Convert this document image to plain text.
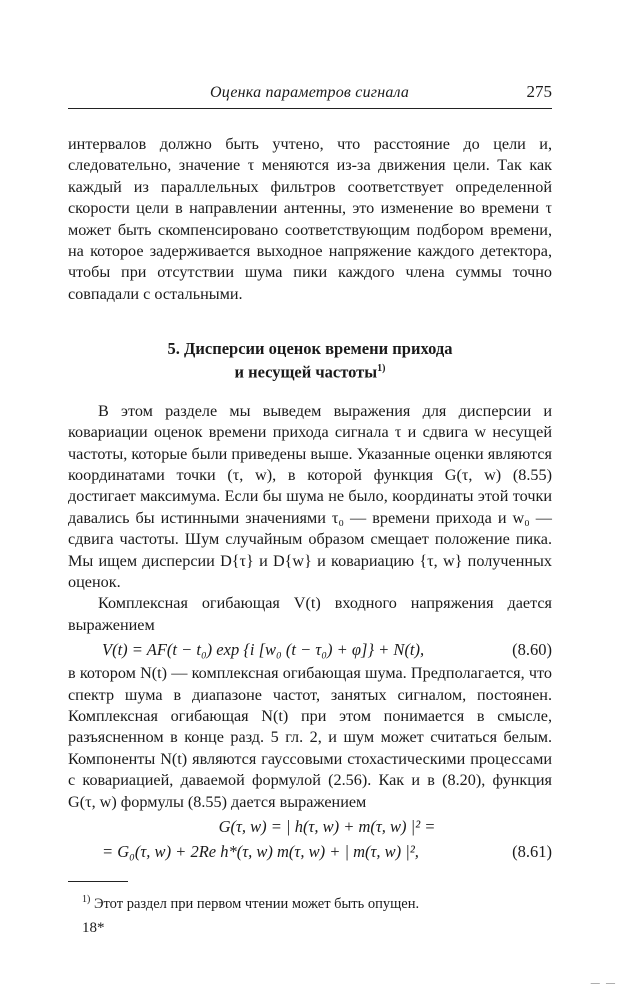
Оценка параметров сигнала	275

интервалов должно быть учтено, что расстояние до цели и, следовательно, значение τ меняются из-за движения цели. Так как каждый из параллельных фильтров соответствует определенной скорости цели в направлении антенны, это изменение во времени τ может быть скомпенсировано соответствующим подбором времени, на которое задерживается выходное напряжение каждого детектора, чтобы при отсутствии шума пики каждого члена суммы точно совпадали с остальными.

5. Дисперсии оценок времени прихода
и несущей частоты$^{1)}$

В этом разделе мы выведем выражения для дисперсии и ковариации оценок времени прихода сигнала τ и сдвига w несущей частоты, которые были приведены выше. Указанные оценки являются координатами точки (τ, w), в которой функция G(τ, w) (8.55) достигает максимума. Если бы шума не было, координаты этой точки давались бы истинными значениями τ₀ — времени прихода и w₀ — сдвига частоты. Шум случайным образом смещает положение пика. Мы ищем дисперсии D{τ} и D{w} и ковариацию {τ, w} полученных оценок.

Комплексная огибающая V(t) входного напряжения дается выражением

V(t) = AF(t − t₀) exp {i [w₀ (t − τ₀) + φ]} + N(t),	(8.60)

в котором N(t) — комплексная огибающая шума. Предполагается, что спектр шума в диапазоне частот, занятых сигналом, постоянен. Комплексная огибающая N(t) при этом понимается в смысле, разъясненном в конце разд. 5 гл. 2, и шум может считаться белым. Компоненты N(t) являются гауссовыми стохастическими процессами с ковариацией, даваемой формулой (2.56). Как и в (8.20), функция G(τ, w) формулы (8.55) дается выражением

G(τ, w) = | h(τ, w) + m(τ, w) |² =
= G₀(τ, w) + 2Re h*(τ, w) m(τ, w) + | m(τ, w) |²,	(8.61)

$^{1)}$ Этот раздел при первом чтении может быть опущен.

18*
— —
